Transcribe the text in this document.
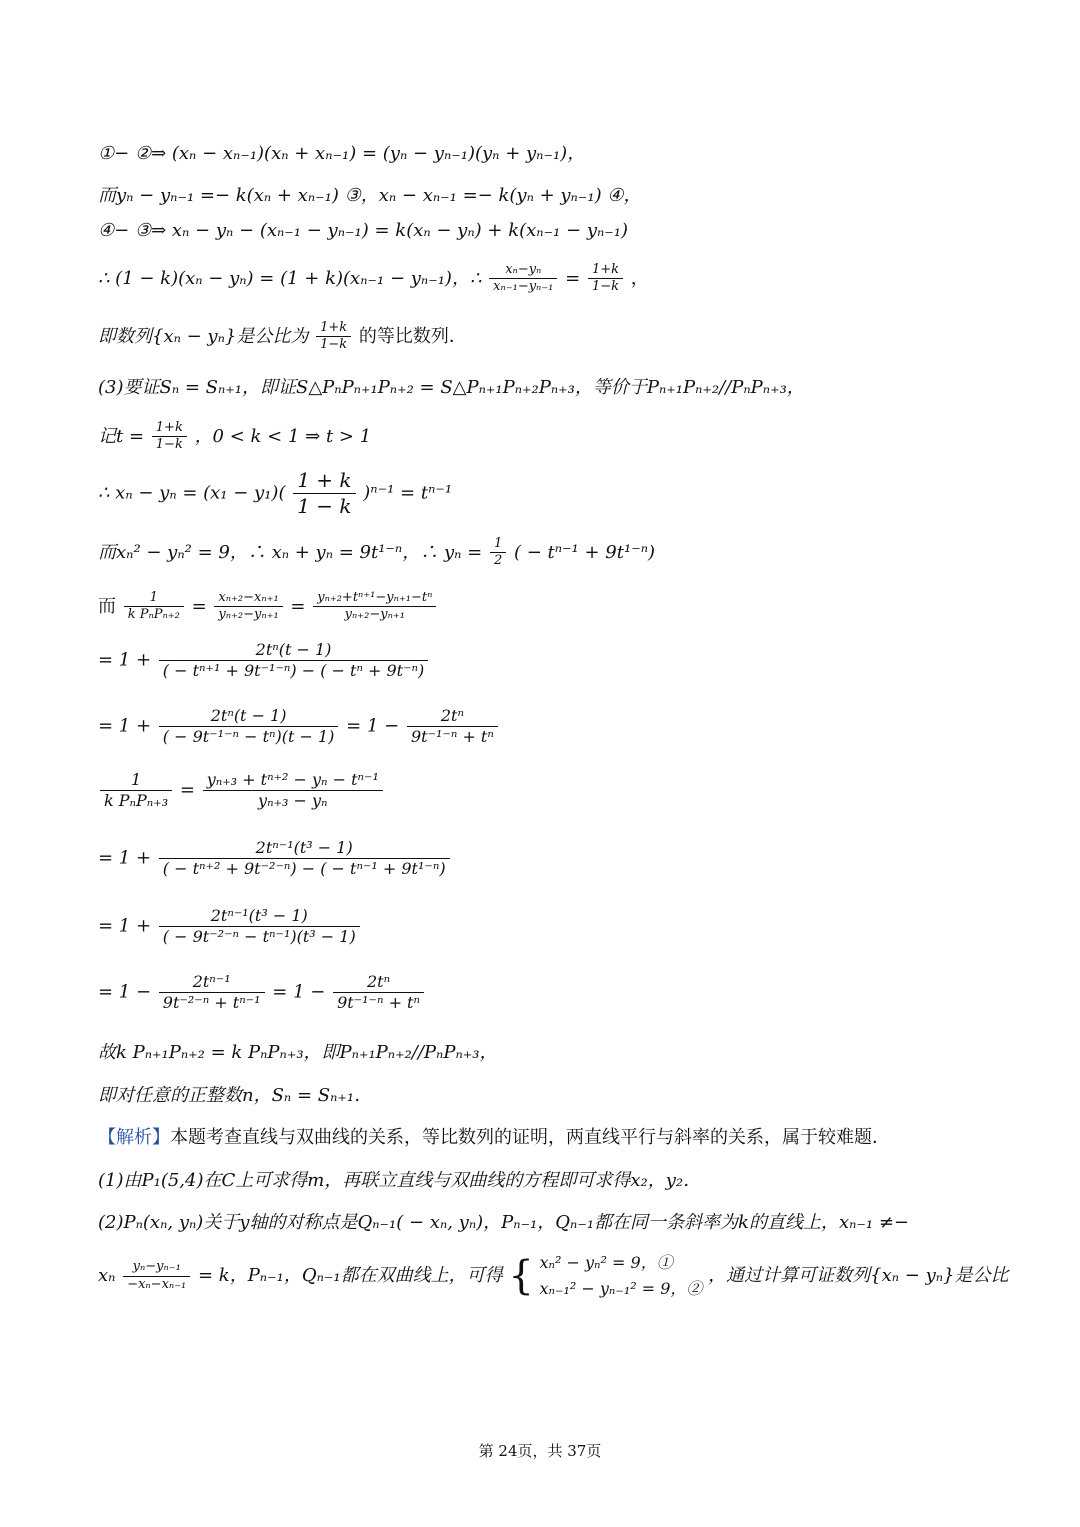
①− ②⇒ (xₙ − xₙ₋₁)(xₙ + xₙ₋₁) = (yₙ − yₙ₋₁)(yₙ + yₙ₋₁)，
而yₙ − yₙ₋₁ =− k(xₙ + xₙ₋₁) ③，xₙ − xₙ₋₁ =− k(yₙ + yₙ₋₁) ④，
④− ③⇒ xₙ − yₙ − (xₙ₋₁ − yₙ₋₁) = k(xₙ − yₙ) + k(xₙ₋₁ − yₙ₋₁)
∴ (1 − k)(xₙ − yₙ) = (1 + k)(xₙ₋₁ − yₙ₋₁)，∴ $\frac{\text{xₙ−yₙ}}{\text{xₙ₋₁−yₙ₋₁}} = \frac{1+k}{1-k}$ ，
即数列{xₙ − yₙ}是公比为 $\frac{1+k}{1-k}$ 的等比数列．
(3)要证Sₙ = Sₙ₊₁，即证S△PₙPₙ₊₁Pₙ₊₂ = S△Pₙ₊₁Pₙ₊₂Pₙ₊₃，等价于Pₙ₊₁Pₙ₊₂//PₙPₙ₊₃，
记$t = \frac{1+k}{1-k}$ ，0 < k < 1 ⇒ t > 1
∴ $x_n - y_n = (x_1 - y_1)( \frac{1 + k}{1 - k} )^{n-1} = t^{n-1}$
而xₙ² − yₙ² = 9，∴ xₙ + yₙ = 9t¹⁻ⁿ，∴ $y_n = \frac{1}{2}$ ( − tⁿ⁻¹ + 9t¹⁻ⁿ)
而 $\frac{1}{\text{k PₙPₙ₊₂}} = \frac{\text{xₙ₊₂−xₙ₊₁}}{\text{yₙ₊₂−yₙ₊₁}} = \frac{\text{yₙ₊₂+tⁿ⁺¹−yₙ₊₁−tⁿ}}{\text{yₙ₊₂−yₙ₊₁}}$
= $1 + \frac{\text{2tⁿ(t − 1)}}{\text{( − tⁿ⁺¹ + 9t⁻¹⁻ⁿ) − ( − tⁿ + 9t⁻ⁿ)}}$
= $1 + \frac{\text{2tⁿ(t − 1)}}{\text{( − 9t⁻¹⁻ⁿ − tⁿ)(t − 1)}} = 1 - \frac{\text{2tⁿ}}{\text{9t⁻¹⁻ⁿ + tⁿ}}$
$\frac{1}{\text{k PₙPₙ₊₃}} = \frac{\text{yₙ₊₃ + tⁿ⁺² − yₙ − tⁿ⁻¹}}{\text{yₙ₊₃ − yₙ}}$
= $1 + \frac{\text{2tⁿ⁻¹(t³ − 1)}}{\text{( − tⁿ⁺² + 9t⁻²⁻ⁿ) − ( − tⁿ⁻¹ + 9t¹⁻ⁿ)}}$
= $1 + \frac{\text{2tⁿ⁻¹(t³ − 1)}}{\text{( − 9t⁻²⁻ⁿ − tⁿ⁻¹)(t³ − 1)}}$
= $1 - \frac{\text{2tⁿ⁻¹}}{\text{9t⁻²⁻ⁿ + tⁿ⁻¹}} = 1 - \frac{\text{2tⁿ}}{\text{9t⁻¹⁻ⁿ + tⁿ}}$
故k Pₙ₊₁Pₙ₊₂ = k PₙPₙ₊₃，即Pₙ₊₁Pₙ₊₂//PₙPₙ₊₃，
即对任意的正整数n，Sₙ = Sₙ₊₁．
【解析】本题考查直线与双曲线的关系，等比数列的证明，两直线平行与斜率的关系，属于较难题．
(1)由P₁(5,4)在C上可求得m，再联立直线与双曲线的方程即可求得x₂，y₂．
(2)Pₙ(xₙ, yₙ)关于y轴的对称点是Qₙ₋₁( − xₙ, yₙ)，Pₙ₋₁，Qₙ₋₁都在同一条斜率为k的直线上，xₙ₋₁ ≠−
xₙ $\frac{\text{yₙ−yₙ₋₁}}{\text{−xₙ−xₙ₋₁}} = k$，Pₙ₋₁，Qₙ₋₁都在双曲线上，可得 { xₙ² − yₙ² = 9，①
xₙ₋₁² − yₙ₋₁² = 9，②
，通过计算可证数列{xₙ − yₙ}是公比
第 24页，共 37页
